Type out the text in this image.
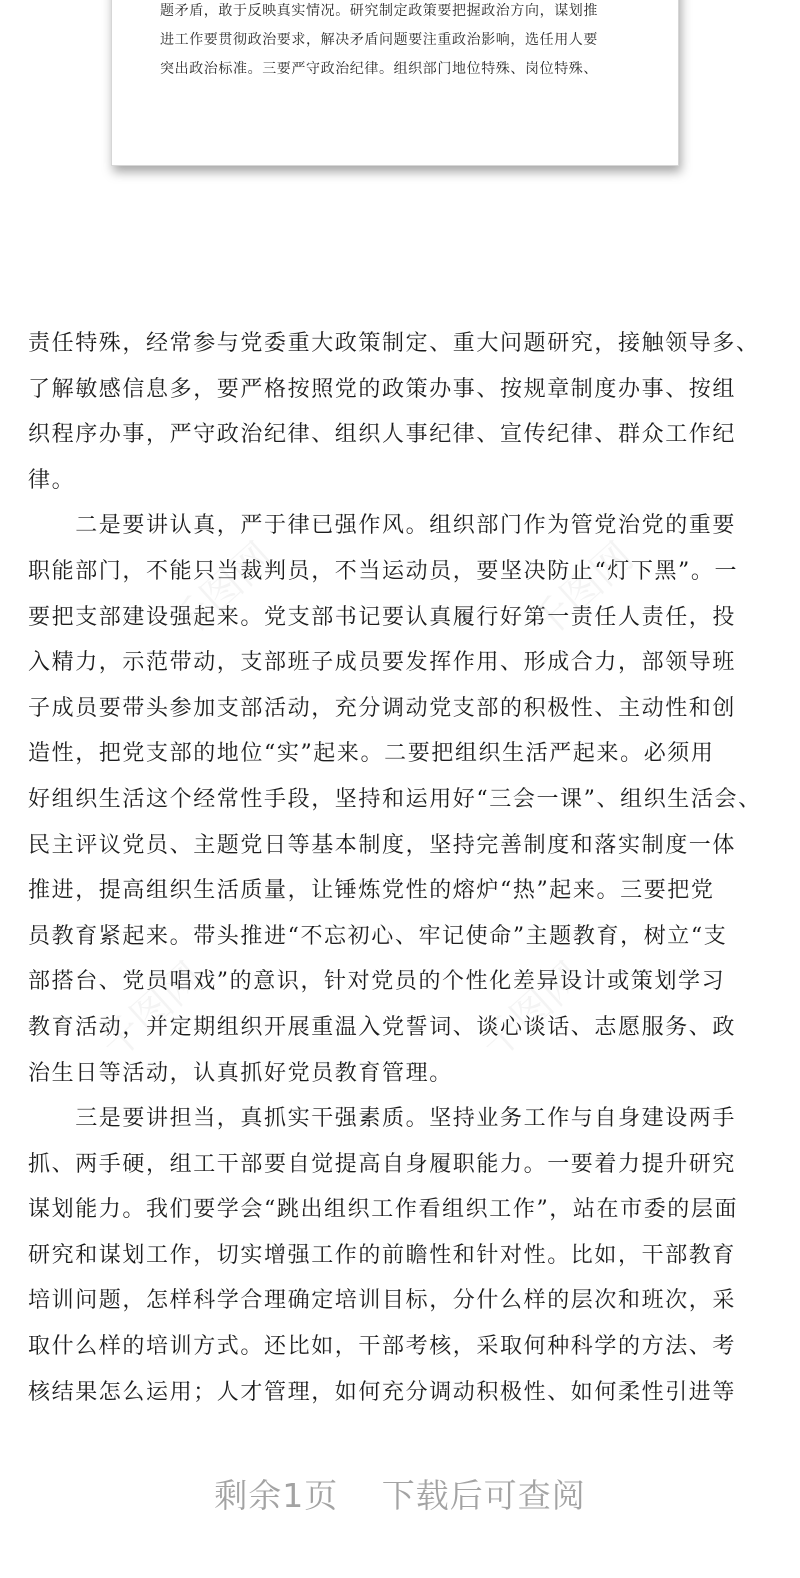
题矛盾，敢于反映真实情况。研究制定政策要把握政治方向，谋划推
进工作要贯彻政治要求，解决矛盾问题要注重政治影响，选任用人要
突出政治标准。三要严守政治纪律。组织部门地位特殊、岗位特殊、
千图网	千图网
千图网	千图网
责任特殊，经常参与党委重大政策制定、重大问题研究，接触领导多、
了解敏感信息多，要严格按照党的政策办事、按规章制度办事、按组
织程序办事，严守政治纪律、组织人事纪律、宣传纪律、群众工作纪
律。
　　二是要讲认真，严于律已强作风。组织部门作为管党治党的重要
职能部门，不能只当裁判员，不当运动员，要坚决防止“灯下黑”。一
要把支部建设强起来。党支部书记要认真履行好第一责任人责任，投
入精力，示范带动，支部班子成员要发挥作用、形成合力，部领导班
子成员要带头参加支部活动，充分调动党支部的积极性、主动性和创
造性，把党支部的地位“实”起来。二要把组织生活严起来。必须用
好组织生活这个经常性手段，坚持和运用好“三会一课”、组织生活会、
民主评议党员、主题党日等基本制度，坚持完善制度和落实制度一体
推进，提高组织生活质量，让锤炼党性的熔炉“热”起来。三要把党
员教育紧起来。带头推进“不忘初心、牢记使命”主题教育，树立“支
部搭台、党员唱戏”的意识，针对党员的个性化差异设计或策划学习
教育活动，并定期组织开展重温入党誓词、谈心谈话、志愿服务、政
治生日等活动，认真抓好党员教育管理。
　　三是要讲担当，真抓实干强素质。坚持业务工作与自身建设两手
抓、两手硬，组工干部要自觉提高自身履职能力。一要着力提升研究
谋划能力。我们要学会“跳出组织工作看组织工作”，站在市委的层面
研究和谋划工作，切实增强工作的前瞻性和针对性。比如，干部教育
培训问题，怎样科学合理确定培训目标，分什么样的层次和班次，采
取什么样的培训方式。还比如，干部考核，采取何种科学的方法、考
核结果怎么运用；人才管理，如何充分调动积极性、如何柔性引进等
剩余1页 下载后可查阅
